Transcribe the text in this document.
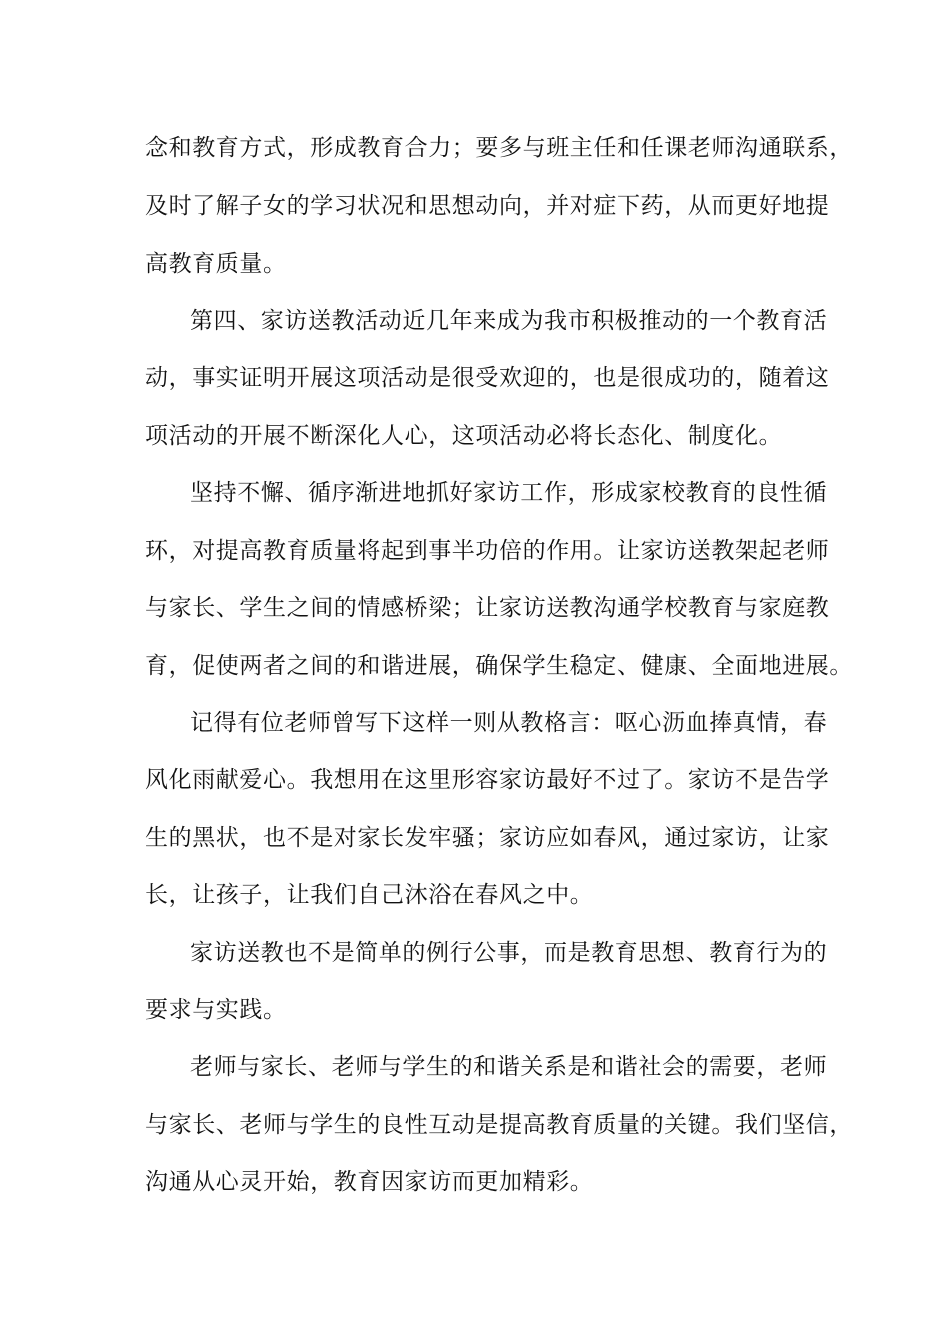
念和教育方式，形成教育合力；要多与班主任和任课老师沟通联系，
及时了解子女的学习状况和思想动向，并对症下药，从而更好地提
高教育质量。
第四、家访送教活动近几年来成为我市积极推动的一个教育活
动，事实证明开展这项活动是很受欢迎的，也是很成功的，随着这
项活动的开展不断深化人心，这项活动必将长态化、制度化。
坚持不懈、循序渐进地抓好家访工作，形成家校教育的良性循
环，对提高教育质量将起到事半功倍的作用。让家访送教架起老师
与家长、学生之间的情感桥梁；让家访送教沟通学校教育与家庭教
育，促使两者之间的和谐进展，确保学生稳定、健康、全面地进展。
记得有位老师曾写下这样一则从教格言：呕心沥血捧真情，春
风化雨献爱心。我想用在这里形容家访最好不过了。家访不是告学
生的黑状，也不是对家长发牢骚；家访应如春风，通过家访，让家
长，让孩子，让我们自己沐浴在春风之中。
家访送教也不是简单的例行公事，而是教育思想、教育行为的
要求与实践。
老师与家长、老师与学生的和谐关系是和谐社会的需要，老师
与家长、老师与学生的良性互动是提高教育质量的关键。我们坚信，
沟通从心灵开始，教育因家访而更加精彩。
